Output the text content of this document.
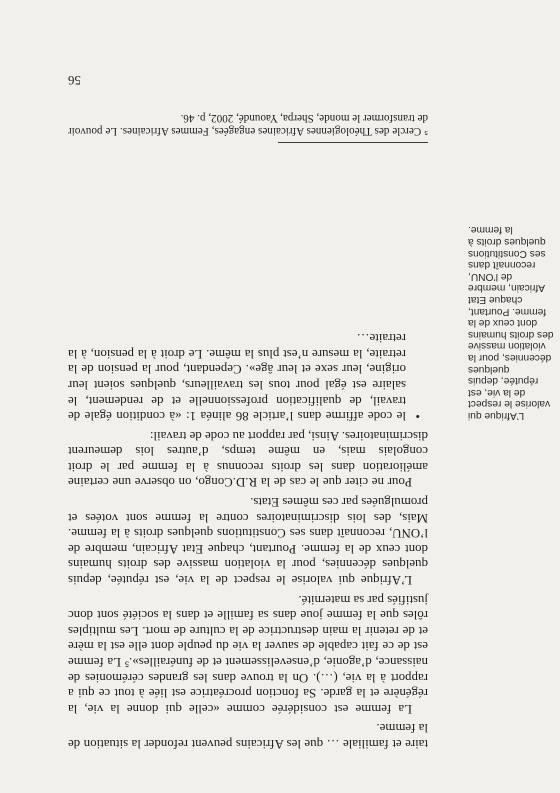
taire et familiale … que les Africains peuvent refonder la situation de la femme.

La femme est considérée comme «celle qui donne la vie, la régénère et la garde. Sa fonction procréatrice est liée à tout ce qui a rapport à la vie, (…). On la trouve dans les grandes cérémonies de naissance, d’agonie, d’ensevelissement et de funérailles».⁵ La femme est de ce fait capable de sauver la vie du peuple dont elle est la mère et de retenir la main destructrice de la culture de mort. Les multiples rôles que la femme joue dans sa famille et dans la société sont donc justifiés par sa maternité.

L’Afrique qui valorise le respect de la vie, est réputée, depuis quelques décennies, pour la violation massive des droits humains dont ceux de la femme. Pourtant, chaque Etat Africain, membre de l’ONU, reconnaît dans ses Constitutions quelques droits à la femme. Mais, des lois discriminatoires contre la femme sont votées et promulguées par ces mêmes Etats.

Pour ne citer que le cas de la R.D.Congo, on observe une certaine amélioration dans les droits reconnus à la femme par le droit congolais mais, en même temps, d’autres lois demeurent discriminatoires. Ainsi, par rapport au code de travail:

• le code affirme dans l’article 86 alinéa 1: «à condition égale de travail, de qualification professionnelle et de rendement, le salaire est égal pour tous les travailleurs, quelques soient leur origine, leur sexe et leur âge». Cependant, pour la pension de la retraite, la mesure n’est plus la même. Le droit à la pension, à la retraite…

L’Afrique qui valorise le respect de la vie, est réputée, depuis quelques décennies, pour la violation massive des droits humains dont ceux de la femme. Pourtant, chaque Etat Africain, membre de l’ONU, reconnaît dans ses Constitutions quelques droits à la femme.

⁵ Cercle des Théologiennes Africaines engagées, Femmes Africaines. Le pouvoir de transformer le monde, Sherpa, Yaoundé, 2002, p. 46.
56
